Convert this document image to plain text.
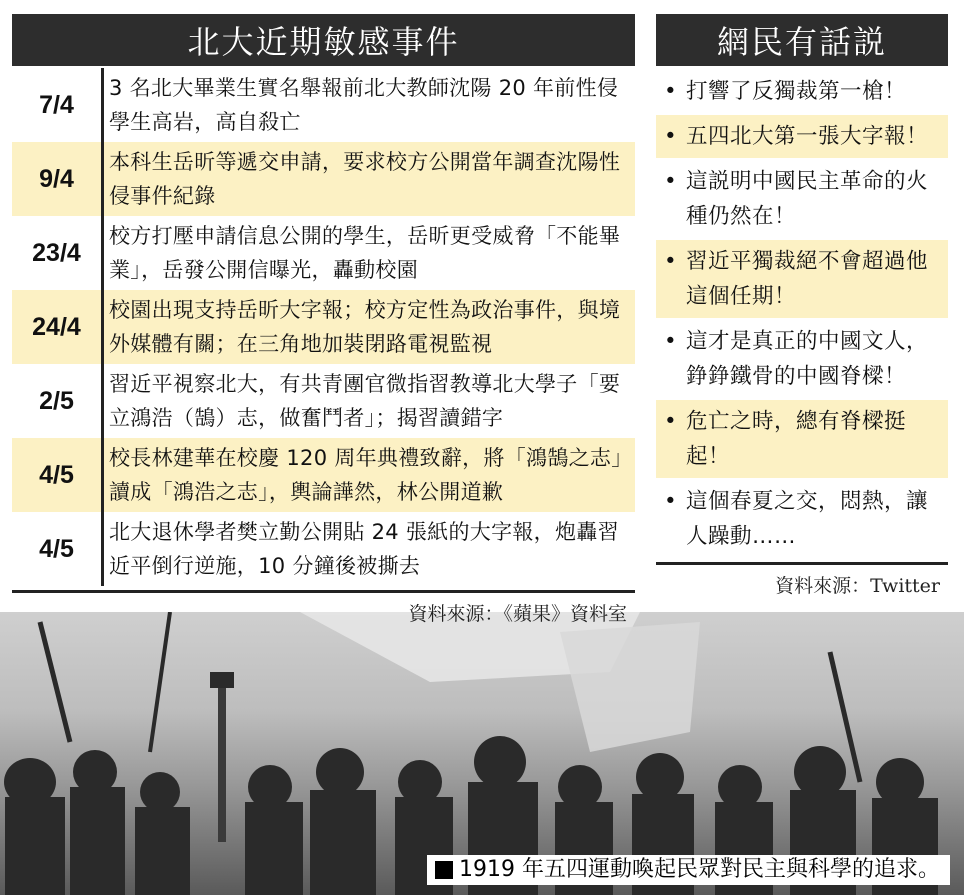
1919 年五四運動喚起民眾對民主與科學的追求。
北大近期敏感事件
7/4
3 名北大畢業生實名舉報前北大教師沈陽 20 年前性侵學生高岩，高自殺亡
9/4
本科生岳昕等遞交申請，要求校方公開當年調查沈陽性侵事件紀錄
23/4
校方打壓申請信息公開的學生，岳昕更受威脅「不能畢業」，岳發公開信曝光，轟動校園
24/4
校園出現支持岳昕大字報；校方定性為政治事件，與境外媒體有關；在三角地加裝閉路電視監視
2/5
習近平視察北大，有共青團官微指習教導北大學子「要立鴻浩（鵠）志，做奮鬥者」；揭習讀錯字
4/5
校長林建華在校慶 120 周年典禮致辭，將「鴻鵠之志」讀成「鴻浩之志」，輿論譁然，林公開道歉
4/5
北大退休學者樊立勤公開貼 24 張紙的大字報，炮轟習近平倒行逆施，10 分鐘後被撕去
資料來源：《蘋果》資料室
網民有話説
• 打響了反獨裁第一槍！
• 五四北大第一張大字報！
• 這説明中國民主革命的火種仍然在！
• 習近平獨裁絕不會超過他這個任期！
• 這才是真正的中國文人，錚錚鐵骨的中國脊樑！
• 危亡之時，總有脊樑挺起！
• 這個春夏之交，悶熱，讓人躁動……
資料來源：Twitter
